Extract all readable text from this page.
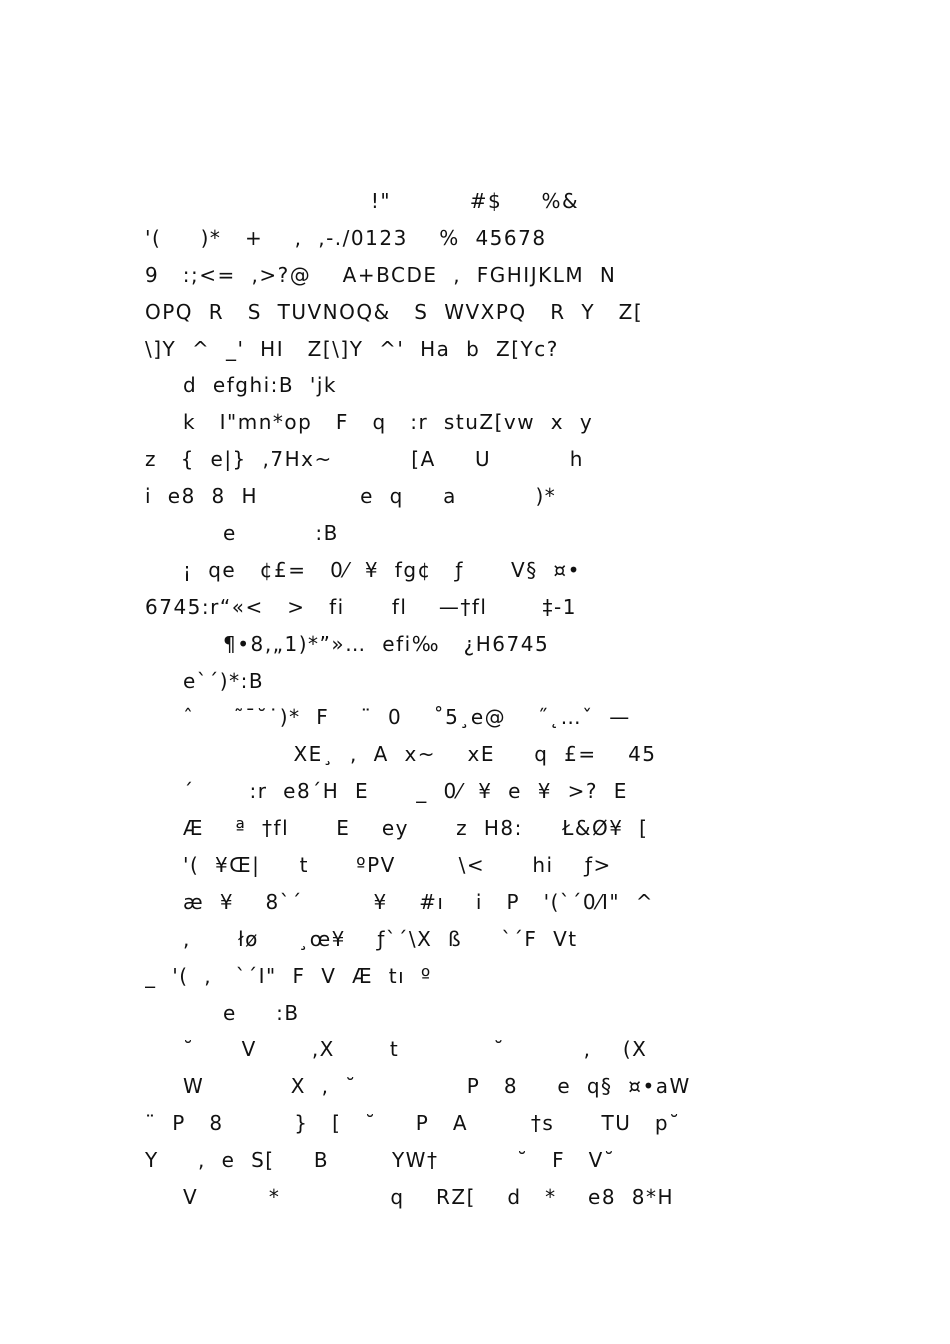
!"          #$     %&
'(     )*   +    ,  ,-./0123    %  45678
9   :;<=  ,>?@    A+BCDE  ,  FGHIJKLM  N
OPQ  R   S  TUVNOQ&   S  WVXPQ   R  Y   Z[
\]Y  ^  _'  HI   Z[\]Y  ^'  Ha  b  Z[Yc?
d  efghi:B  'jk
k   I"mn*op   F   q   :r  stuZ[vw  x  y
z   {  e|}  ,7Hx~          [A     U          h
i  e8  8  H             e  q     a          )*
e          :B
¡  qe   ¢£=   0⁄  ¥  fg¢   ƒ      V§  ¤•
6745:r“«<   >   fi      fl    —†fl       ‡-1
¶•8‚„1)*”»…  efi‰   ¿H6745
e`´)*:B
ˆ     ˜¯˘˙)*  F    ¨  0    ˚5¸e@    ˝˛…ˇ  —
XE¸  ,  A  x~    xE     q  £=    45
´       :r  e8´H  E      _  0⁄  ¥  e  ¥  >?  E
Æ    ª  †fl      E    ey      z  H8:     Ł&Ø¥  [
'(  ¥Œ|     t      ºPV        \<      hi    ƒ>
æ  ¥    8`´         ¥    #ı    i   P   '(`´0⁄I"  ^
,      łø     ¸œ¥    ƒ`´\X  ß     `´F  Vt
_  '(  ,   `´I"  F  V  Æ  tı  º
e     :B
˘      V       ,X       t            ˘          ,    (X
W           X  ,  ˘              P   8     e  q§  ¤•aW
¨  P   8         }   [   ˘     P   A        †s      TU   p˘
Y     ,  e  S[     B        YW†          ˘   F   V˘
V         *              q    RZ[    d   *    e8  8*H
